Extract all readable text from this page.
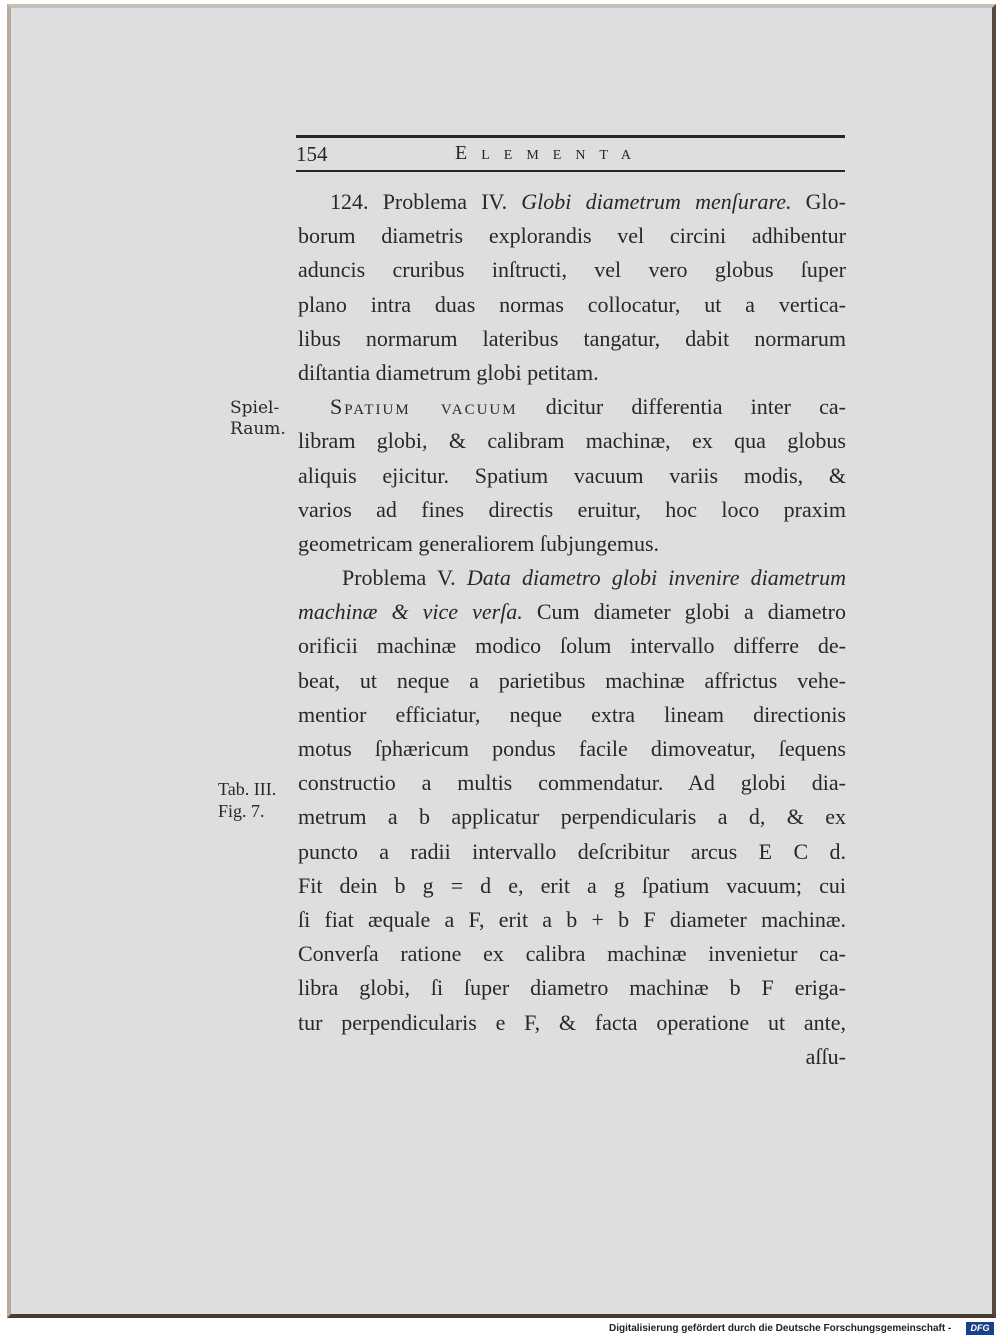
154	Elementa
124. Problema IV. Globi diametrum menſurare. Glo-
borum diametris explorandis vel circini adhibentur
aduncis cruribus inſtructi, vel vero globus ſuper
plano intra duas normas collocatur, ut a vertica-
libus normarum lateribus tangatur, dabit normarum
diſtantia diametrum globi petitam.
Spatium vacuum dicitur differentia inter ca-
libram globi, & calibram machinæ, ex qua globus
aliquis ejicitur. Spatium vacuum variis modis, &
varios ad fines directis eruitur, hoc loco praxim
geometricam generaliorem ſubjungemus.
Problema V. Data diametro globi invenire diametrum
machinæ & vice verſa. Cum diameter globi a diametro
orificii machinæ modico ſolum intervallo differre de-
beat, ut neque a parietibus machinæ affrictus vehe-
mentior efficiatur, neque extra lineam directionis
motus ſphæricum pondus facile dimoveatur, ſequens
constructio a multis commendatur. Ad globi dia-
metrum a b applicatur perpendicularis a d, & ex
puncto a radii intervallo deſcribitur arcus E C d.
Fit dein b g = d e, erit a g ſpatium vacuum; cui
ſi fiat æquale a F, erit a b + b F diameter machinæ.
Converſa ratione ex calibra machinæ invenietur ca-
libra globi, ſi ſuper diametro machinæ b F eriga-
tur perpendicularis e F, & facta operatione ut ante,
aſſu-
Spiel-
Raum.
Tab. III.
Fig. 7.
Digitalisierung gefördert durch die Deutsche Forschungsgemeinschaft -	DFG
